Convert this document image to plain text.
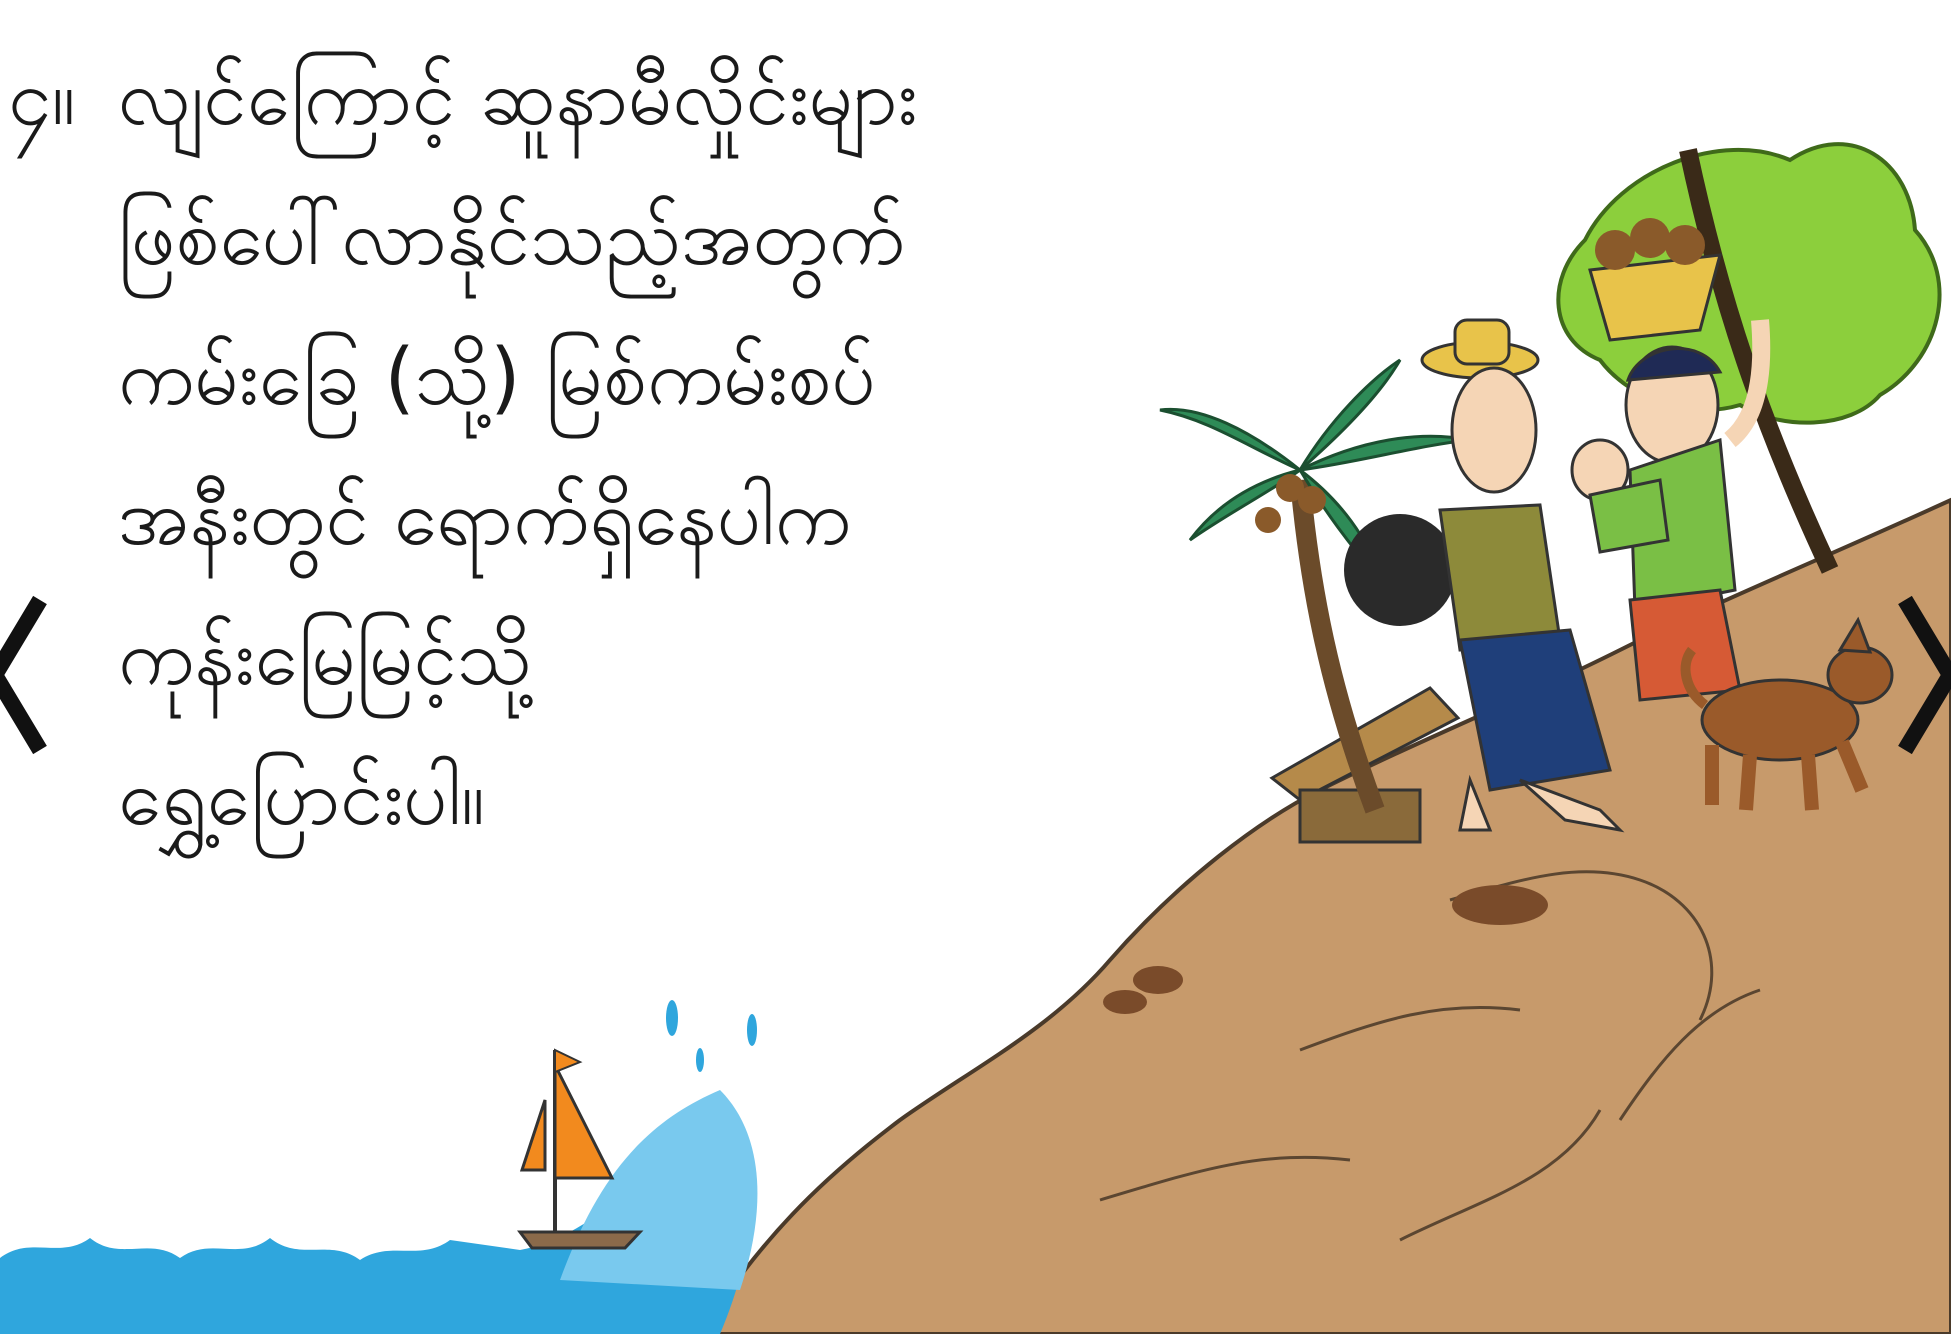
၄။ လျင်ကြောင့် ဆူနာမီလှိုင်းများ
ဖြစ်ပေါ်လာနိုင်သည့်အတွက်
ကမ်းခြေ (သို့) မြစ်ကမ်းစပ်
အနီးတွင် ရောက်ရှိနေပါက
ကုန်းမြေမြင့်သို့
ရွှေ့ပြောင်းပါ။
